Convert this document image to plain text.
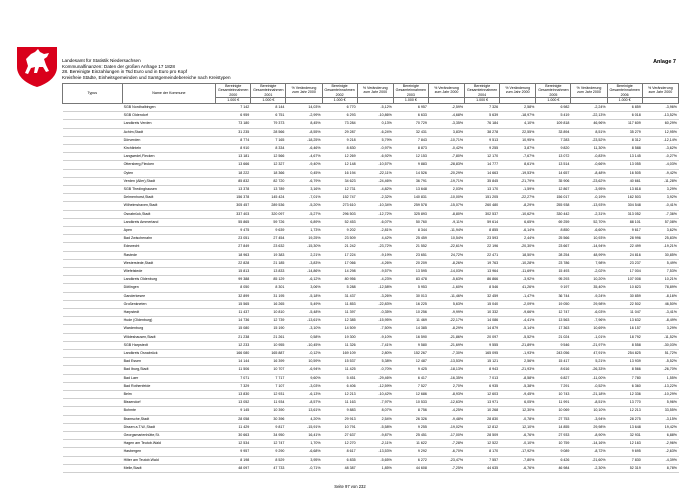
Landesamt für Statistik Niedersachsen
Kommunalfinanzen: Daten der großen Anfrage 17 1828
28. Bereinigte Einzahlungen in Tsd Euro und in Euro pro Kopf
Kreisfreie Städte, Einheitsgemeinden und Samtgemeindebereiche nach Kreistypen
Anlage 7
Typus	Name der Kommune	Bereinigte Gesamteinnahmen 2000	Bereinigte Gesamteinnahmen 2001	% Veränderung zum Jahr 2000	Bereinigte Gesamteinnahmen 2002	% Veränderung zum Jahr 2000	Bereinigte Gesamteinnahmen 2003	% Veränderung zum Jahr 2000	Bereinigte Gesamteinnahmen 2004	% Veränderung zum Jahr 2000	Bereinigte Gesamteinnahmen 2005	% Veränderung zum Jahr 2000	Bereinigte Gesamteinnahmen 2006	% Veränderung zum Jahr 2000
		1.000 €	1.000 €		1.000 €		1.000 €		1.000 €		1.000 €		1.000 €	
	SGB Nordhalbingen	7 142	8 144	14,03%	6 770	-5,12%	6 957	-2,59%	7 326	2,58%	6 982	-2,24%	6 859	-3,96%
	SGB Oldendorf	6 959	6 751	-2,99%	6 293	-10,86%	6 633	-4,68%	5 639	-18,97%	5 419	-22,13%	6 018	-13,52%
	Landkreis Verden	73 180	79 373	8,45%	73 284	0,13%	70 729	-3,35%	76 184	4,10%	109 818	46,96%	117 609	60,29%
	Achim,Stadt	31 235	28 566	-8,55%	29 287	-6,24%	32 431	3,83%	38 278	22,55%	33 894	8,51%	35 279	12,95%
	Dörverden	8 774	7 165	-18,25%	9 218	5,79%	7 843	-10,71%	9 513	10,95%	7 283	-23,52%	8 312	-12,14%
	Kirchlinteln	8 910	8 334	-6,46%	8 830	-0,97%	8 873	-0,42%	9 255	3,87%	9 820	11,30%	8 588	-3,62%
	Langwedel,Flecken	13 181	12 566	-4,67%	12 269	-6,92%	12 153	-7,80%	12 170	-7,67%	13 072	-0,83%	13 145	-0,27%
	Ottersberg,Flecken	13 666	12 327	-9,40%	12 148	-10,57%	9 883	-28,83%	14 777	8,61%	13 514	-0,66%	13 055	-4,03%
	Oyten	18 222	18 366	0,45%	16 194	-22,11%	14 526	-20,29%	14 663	-19,53%	14 657	-8,48%	16 505	-9,42%
	Verden (Aller),Stadt	85 832	82 720	-6,79%	34 623	-24,46%	36 791	-19,71%	35 845	-21,79%	35 906	-23,62%	40 661	-11,28%
	SGB Thedinghausen	13 378	13 789	3,16%	12 731	-4,82%	13 648	2,03%	13 170	-1,59%	12 867	-3,95%	13 818	3,29%
	Delmenhorst,Stadt	156 378	145 424	-7,01%	152 747	-2,32%	140 831	-10,00%	151 205	-22,27%	156 017	-0,19%	162 503	3,92%
	Wilhelmshaven,Stadt	305 457	289 536	-5,20%	273 610	-10,34%	259 578	-15,07%	260 480	-8,29%	255 938	-13,93%	304 548	-0,41%
	Osnabrück,Stadt	337 403	320 097	-5,27%	296 503	-12,72%	325 893	-8,80%	302 537	-10,62%	330 442	-2,31%	313 052	-7,36%
	Landkreis Ammerland	55 865	59 726	6,89%	52 453	-6,07%	50 760	-9,11%	59 614	6,65%	69 259	52,70%	88 101	57,08%
	Apen	9 475	9 639	1,73%	9 202	-2,81%	8 344	-11,94%	8 855	-6,14%	8 850	-6,60%	9 617	3,62%
	Bad Zwischenahn	23 051	27 454	19,25%	23 509	4,42%	25 459	10,54%	23 593	2,44%	25 566	10,93%	28 996	25,83%
	Edewecht	27 849	23 632	-15,30%	21 242	-23,72%	21 552	-22,61%	22 196	-20,30%	23 667	-14,94%	22 499	-19,21%
	Rastede	18 963	19 383	2,21%	17 224	-9,19%	23 651	24,72%	22 471	18,50%	28 254	48,99%	24 816	30,85%
	Westerstede,Stadt	22 828	21 185	-3,83%	17 066	-4,26%	20 209	-8,26%	19 763	-10,28%	23 786	7,98%	23 237	5,49%
	Wiefelstede	15 813	13 833	-14,86%	14 298	-9,57%	13 595	-14,03%	13 964	-11,69%	15 493	-2,02%	17 004	7,53%
	Landkreis Oldenburg	99 388	85 129	-6,12%	80 956	-4,23%	83 478	-5,63%	86 866	-3,92%	95 293	10,20%	107 008	10,21%
	Dötlingen	8 050	8 301	3,06%	5 288	-12,58%	5 953	-1,60%	8 546	41,26%	9 197	35,40%	10 823	78,89%
	Ganderkesee	32 899	31 195	-5,18%	31 437	-3,26%	30 013	-11,46%	32 459	-1,47%	36 744	-9,24%	30 859	-8,16%
	Großenkneten	15 565	16 265	5,49%	11 853	-22,83%	16 225	5,63%	15 040	-2,09%	19 050	29,98%	22 502	46,50%
	Harpstedt	11 437	10 810	-5,48%	11 397	-0,35%	10 256	-9,99%	10 332	-9,66%	12 747	-6,03%	11 047	-3,41%
	Hude (Oldenburg)	14 736	12 739	-13,61%	12 385	-15,95%	11 469	-22,17%	14 086	-4,41%	13 563	-7,96%	13 632	-8,49%
	Wardenburg	15 080	15 190	-3,10%	14 509	-7,50%	14 385	-8,29%	14 879	-5,14%	17 363	10,69%	16 157	3,29%
	Wildeshausen,Stadt	21 238	21 261	0,58%	19 300	-9,10%	16 590	-21,86%	20 097	-5,52%	21 024	-1,01%	18 792	-11,52%
	SGB Harpstedt	12 233	10 955	-10,45%	11 326	-7,41%	9 580	-21,69%	9 555	-21,89%	9 546	-21,97%	8 558	-30,03%
	Landkreis Osnabrück	166 080	165 887	-0,12%	169 109	2,80%	152 267	-7,30%	165 095	-1,93%	243 056	47,91%	254 825	51,72%
	Bad Essen	14 144	16 399	10,59%	15 537	5,38%	12 487	-13,53%	15 121	2,56%	15 417	5,21%	13 939	-5,52%
	Bad Iburg,Stadt	11 506	10 707	-6,94%	11 425	-0,70%	9 425	-18,13%	8 943	-21,93%	8 616	-26,33%	8 566	-26,70%
	Bad Laer	7 071	7 717	9,60%	5 451	-29,46%	6 417	-16,35%	7 013	-8,58%	6 827	-11,00%	7 780	1,55%
	Bad Rothenfelde	7 329	7 107	-3,03%	6 406	-12,59%	7 527	2,70%	6 935	-5,38%	7 291	-0,52%	6 360	-13,22%
	Belm	13 830	12 931	-6,13%	12 213	-10,42%	12 686	-8,93%	12 603	-9,45%	10 743	-21,18%	12 336	-10,29%
	Bissendorf	13 052	11 934	-8,57%	11 163	-7,97%	10 533	-12,63%	13 971	6,05%	11 991	-8,51%	13 770	5,96%
	Bohmte	9 145	10 390	13,61%	9 883	8,07%	8 756	-4,25%	10 268	12,30%	10 069	10,10%	12 213	33,55%
	Bramsche,Stadt	28 058	30 396	4,20%	29 913	2,54%	26 326	-9,48%	28 830	-0,78%	27 753	-3,94%	28 275	-3,15%
	Dissen a.T.W.,Stadt	11 429	9 817	-15,91%	10 791	-5,58%	9 255	-19,02%	12 812	12,10%	14 855	29,98%	13 648	19,42%
	Georgsmarienhütte,St.	30 663	34 950	16,41%	27 637	-9,87%	25 451	-17,00%	28 509	-6,76%	27 933	-8,90%	32 931	6,88%
	Hagen am Teutob.Wald	12 534	12 747	1,70%	12 270	-2,11%	11 622	-7,28%	12 522	-0,10%	10 759	-14,16%	12 163	-2,96%
	Hasbergen	9 957	9 290	-6,68%	8 617	-13,53%	9 292	-6,70%	8 170	-17,92%	9 089	-8,72%	9 695	-2,63%
	Hilter am Teutob.Wald	8 198	8 529	3,95%	6 835	-5,65%	6 272	-23,47%	7 557	-7,80%	6 426	-21,60%	7 830	-4,39%
	Melle,Stadt	48 097	47 733	-0,71%	48 387	1,85%	44 608	-7,25%	44 635	-6,76%	46 984	-2,30%	52 319	8,78%
Seite 97 von 232
